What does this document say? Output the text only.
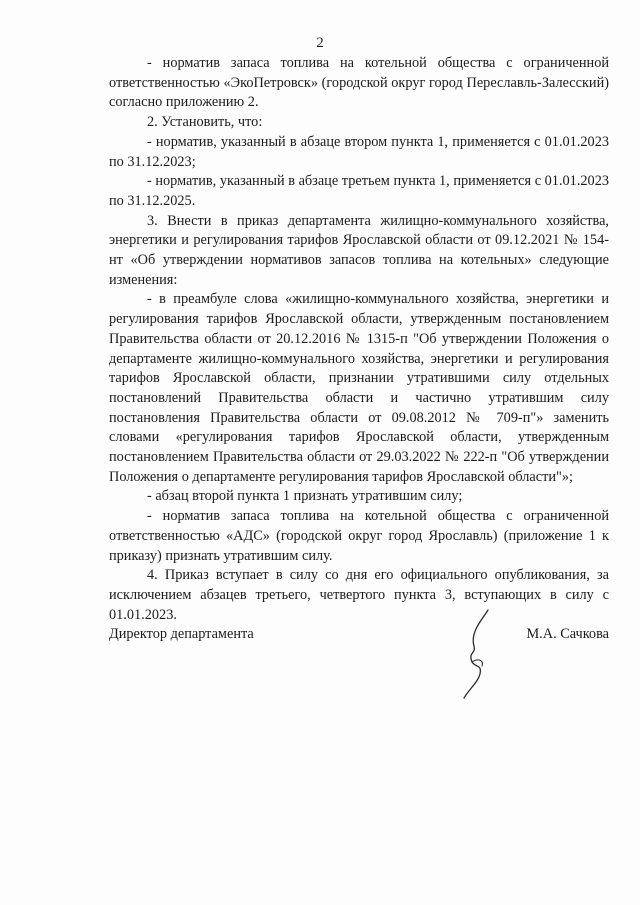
2

- норматив запаса топлива на котельной общества с ограниченной ответственностью «ЭкоПетровск» (городской округ город Переславль-Залесский) согласно приложению 2.

2. Установить, что:

- норматив, указанный в абзаце втором пункта 1, применяется с 01.01.2023 по 31.12.2023;

- норматив, указанный в абзаце третьем пункта 1, применяется с 01.01.2023 по 31.12.2025.

3. Внести в приказ департамента жилищно-коммунального хозяйства, энергетики и регулирования тарифов Ярославской области от 09.12.2021 № 154-нт «Об утверждении нормативов запасов топлива на котельных» следующие изменения:

- в преамбуле слова «жилищно-коммунального хозяйства, энергетики и регулирования тарифов Ярославской области, утвержденным постановлением Правительства области от 20.12.2016 № 1315-п "Об утверждении Положения о департаменте жилищно-коммунального хозяйства, энергетики и регулирования тарифов Ярославской области, признании утратившими силу отдельных постановлений Правительства области и частично утратившим силу постановления Правительства области от 09.08.2012 № 709-п"» заменить словами «регулирования тарифов Ярославской области, утвержденным постановлением Правительства области от 29.03.2022 № 222-п "Об утверждении Положения о департаменте регулирования тарифов Ярославской области"»;

- абзац второй пункта 1 признать утратившим силу;

- норматив запаса топлива на котельной общества с ограниченной ответственностью «АДС» (городской округ город Ярославль) (приложение 1 к приказу) признать утратившим силу.

4. Приказ вступает в силу со дня его официального опубликования, за исключением абзацев третьего, четвертого пункта 3, вступающих в силу с 01.01.2023.

Директор департамента	М.А. Сачкова
